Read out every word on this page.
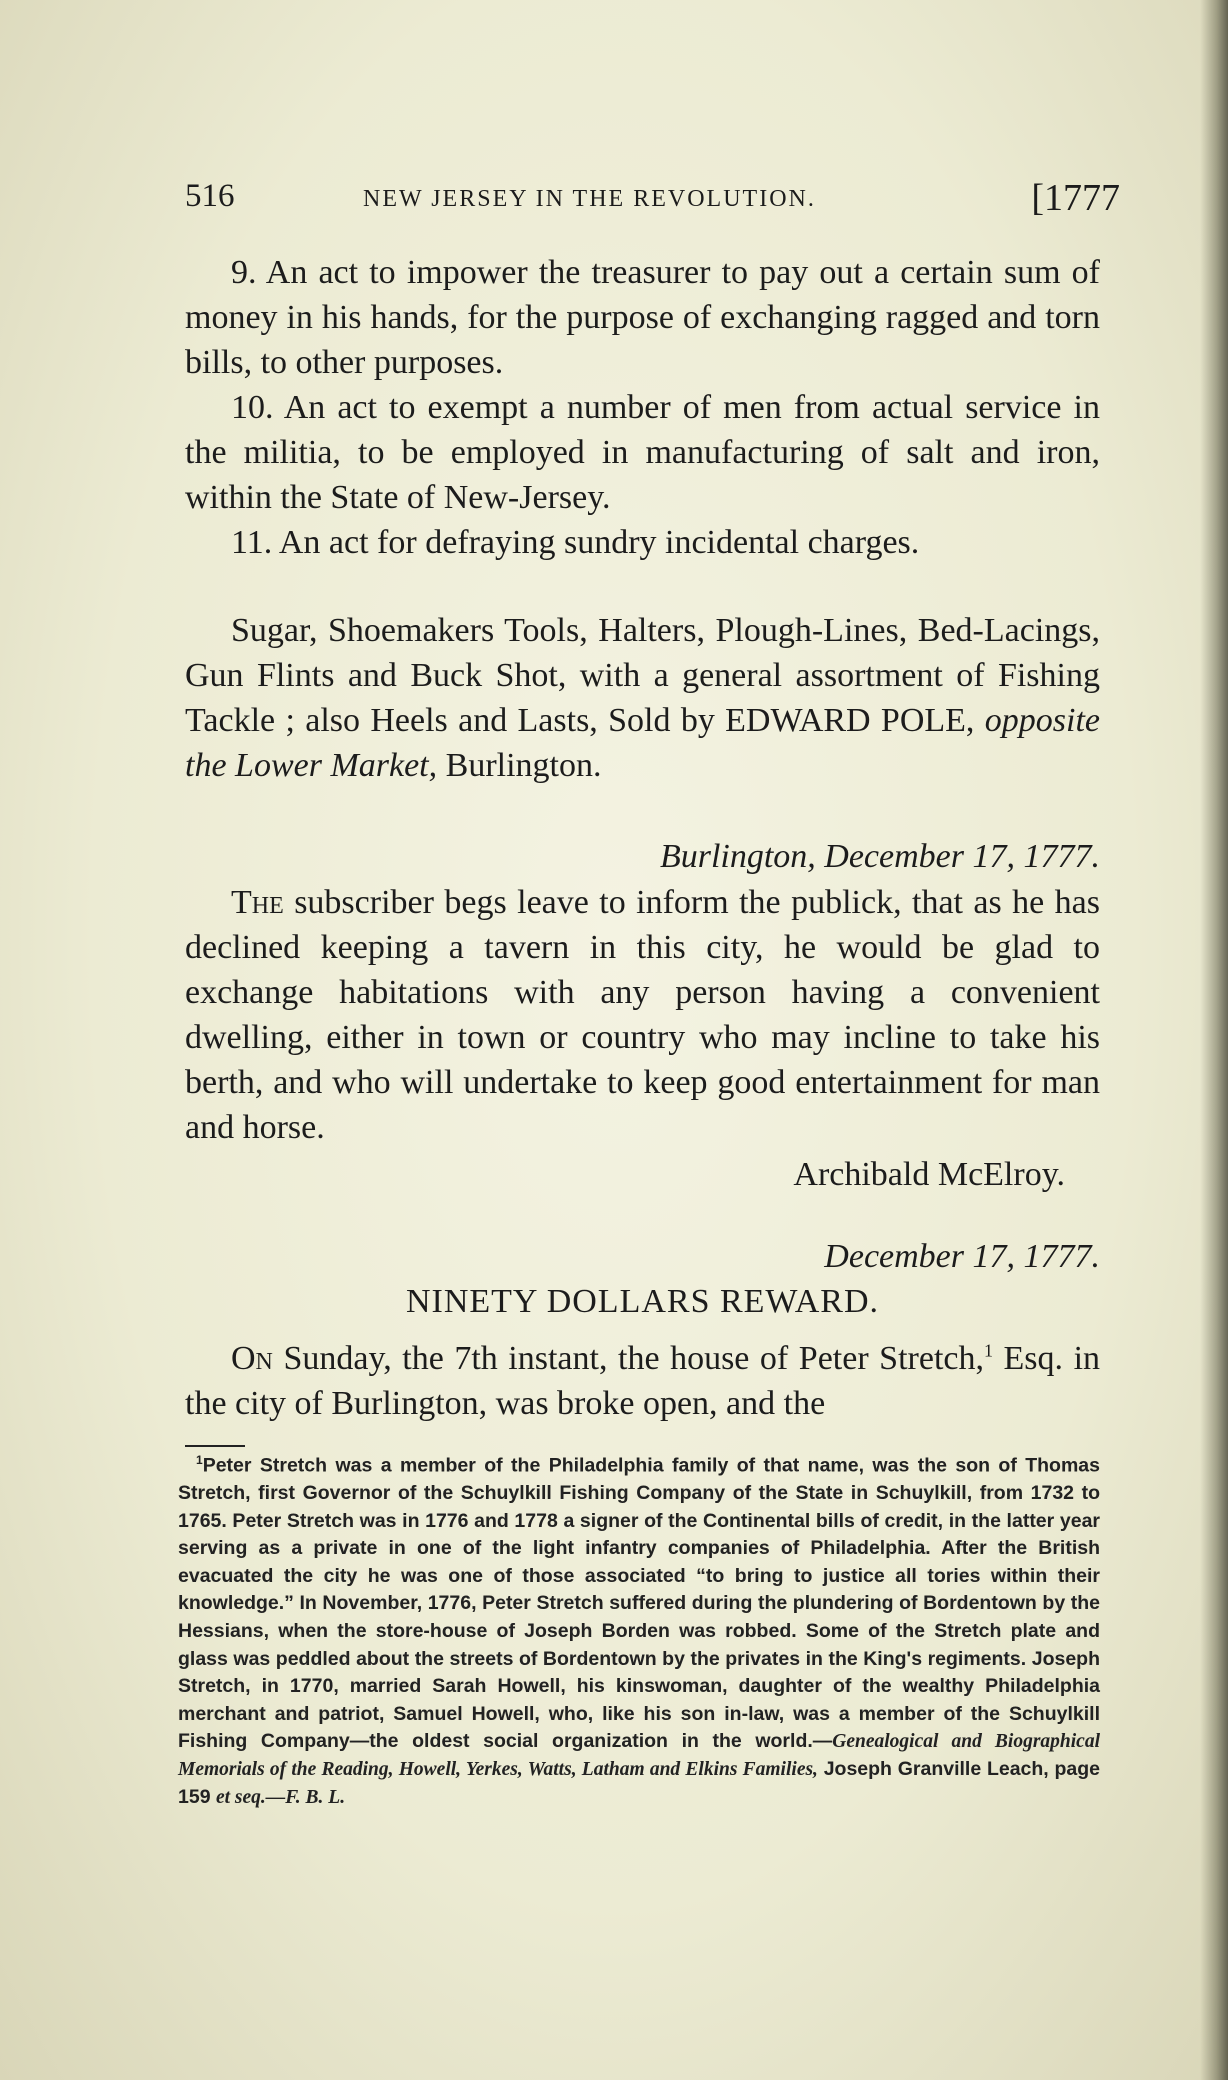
516	NEW JERSEY IN THE REVOLUTION.	[1777

9. An act to impower the treasurer to pay out a certain sum of money in his hands, for the purpose of exchanging ragged and torn bills, to other purposes.

10. An act to exempt a number of men from actual service in the militia, to be employed in manufacturing of salt and iron, within the State of New-Jersey.

11. An act for defraying sundry incidental charges.

Sugar, Shoemakers Tools, Halters, Plough-Lines, Bed-Lacings, Gun Flints and Buck Shot, with a general assortment of Fishing Tackle ; also Heels and Lasts, Sold by EDWARD POLE, opposite the Lower Market, Burlington.

Burlington, December 17, 1777.

The subscriber begs leave to inform the publick, that as he has declined keeping a tavern in this city, he would be glad to exchange habitations with any person having a convenient dwelling, either in town or country who may incline to take his berth, and who will undertake to keep good entertainment for man and horse.

Archibald McElroy.
December 17, 1777.
NINETY DOLLARS REWARD.

On Sunday, the 7th instant, the house of Peter Stretch,$^1$ Esq. in the city of Burlington, was broke open, and the

$^1$Peter Stretch was a member of the Philadelphia family of that name, was the son of Thomas Stretch, first Governor of the Schuylkill Fishing Company of the State in Schuylkill, from 1732 to 1765. Peter Stretch was in 1776 and 1778 a signer of the Continental bills of credit, in the latter year serving as a private in one of the light infantry companies of Philadelphia. After the British evacuated the city he was one of those associated “to bring to justice all tories within their knowledge.” In November, 1776, Peter Stretch suffered during the plundering of Bordentown by the Hessians, when the store-house of Joseph Borden was robbed. Some of the Stretch plate and glass was peddled about the streets of Bordentown by the privates in the King's regiments. Joseph Stretch, in 1770, married Sarah Howell, his kinswoman, daughter of the wealthy Philadelphia merchant and patriot, Samuel Howell, who, like his son in-law, was a member of the Schuylkill Fishing Company—the oldest social organization in the world.—Genealogical and Biographical Memorials of the Reading, Howell, Yerkes, Watts, Latham and Elkins Families, Joseph Granville Leach, page 159 et seq.—F. B. L.
